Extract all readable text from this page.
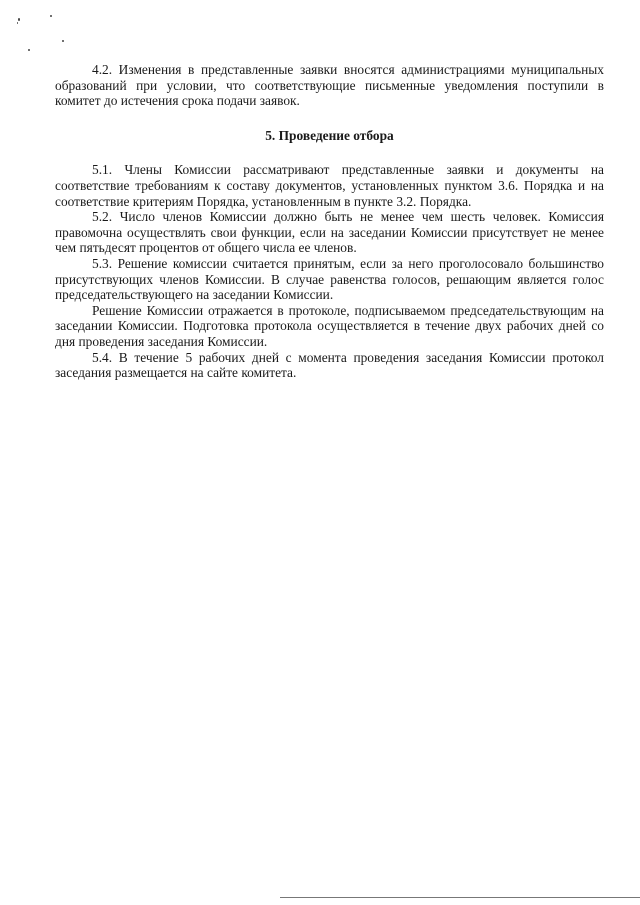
4.2. Изменения в представленные заявки вносятся администрациями муниципальных образований при условии, что соответствующие письменные уведомления поступили в комитет до истечения срока подачи заявок.

5. Проведение отбора

5.1. Члены Комиссии рассматривают представленные заявки и документы на соответствие требованиям к составу документов, установленных пунктом 3.6. Порядка и на соответствие критериям Порядка, установленным в пункте 3.2. Порядка.

5.2. Число членов Комиссии должно быть не менее чем шесть человек. Комиссия правомочна осуществлять свои функции, если на заседании Комиссии присутствует не менее чем пятьдесят процентов от общего числа ее членов.

5.3. Решение комиссии считается принятым, если за него проголосовало большинство присутствующих членов Комиссии. В случае равенства голосов, решающим является голос председательствующего на заседании Комиссии.

Решение Комиссии отражается в протоколе, подписываемом председательствующим на заседании Комиссии. Подготовка протокола осуществляется в течение двух рабочих дней со дня проведения заседания Комиссии.

5.4. В течение 5 рабочих дней с момента проведения заседания Комиссии протокол заседания размещается на сайте комитета.
